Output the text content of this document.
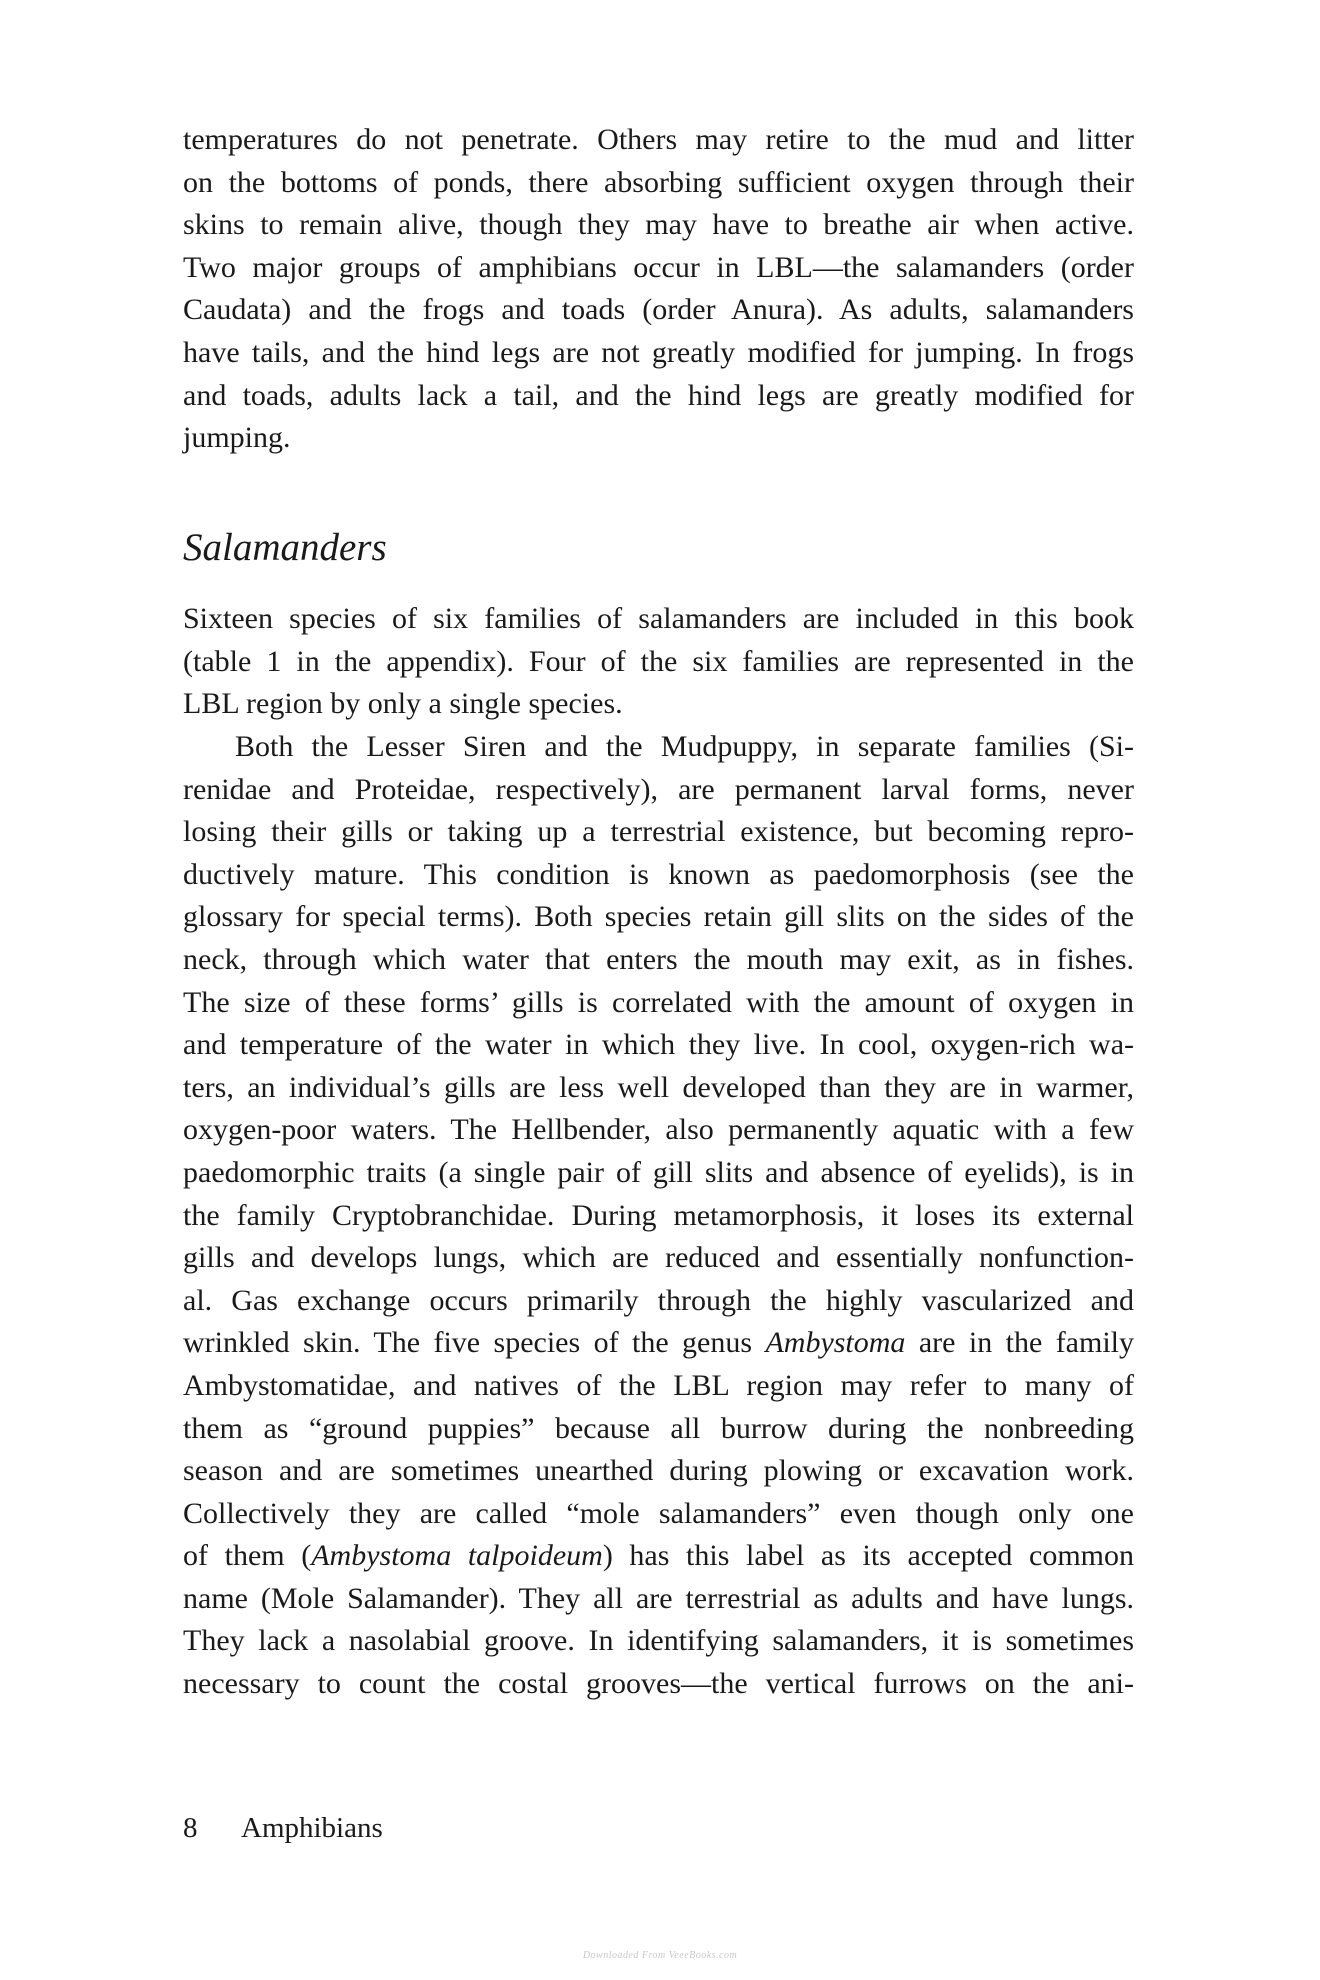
temperatures do not penetrate. Others may retire to the mud and litter
on the bottoms of ponds, there absorbing sufficient oxygen through their
skins to remain alive, though they may have to breathe air when active.
Two major groups of amphibians occur in LBL—the salamanders (order
Caudata) and the frogs and toads (order Anura). As adults, salamanders
have tails, and the hind legs are not greatly modified for jumping. In frogs
and toads, adults lack a tail, and the hind legs are greatly modified for
jumping.
Salamanders
Sixteen species of six families of salamanders are included in this book
(table 1 in the appendix). Four of the six families are represented in the
LBL region by only a single species.
Both the Lesser Siren and the Mudpuppy, in separate families (Si-
renidae and Proteidae, respectively), are permanent larval forms, never
losing their gills or taking up a terrestrial existence, but becoming repro-
ductively mature. This condition is known as paedomorphosis (see the
glossary for special terms). Both species retain gill slits on the sides of the
neck, through which water that enters the mouth may exit, as in fishes.
The size of these forms’ gills is correlated with the amount of oxygen in
and temperature of the water in which they live. In cool, oxygen-rich wa-
ters, an individual’s gills are less well developed than they are in warmer,
oxygen-poor waters. The Hellbender, also permanently aquatic with a few
paedomorphic traits (a single pair of gill slits and absence of eyelids), is in
the family Cryptobranchidae. During metamorphosis, it loses its external
gills and develops lungs, which are reduced and essentially nonfunction-
al. Gas exchange occurs primarily through the highly vascularized and
wrinkled skin. The five species of the genus Ambystoma are in the family
Ambystomatidae, and natives of the LBL region may refer to many of
them as “ground puppies” because all burrow during the nonbreeding
season and are sometimes unearthed during plowing or excavation work.
Collectively they are called “mole salamanders” even though only one
of them (Ambystoma talpoideum) has this label as its accepted common
name (Mole Salamander). They all are terrestrial as adults and have lungs.
They lack a nasolabial groove. In identifying salamanders, it is sometimes
necessary to count the costal grooves—the vertical furrows on the ani-
8 Amphibians
Downloaded From VeeeBooks.com
